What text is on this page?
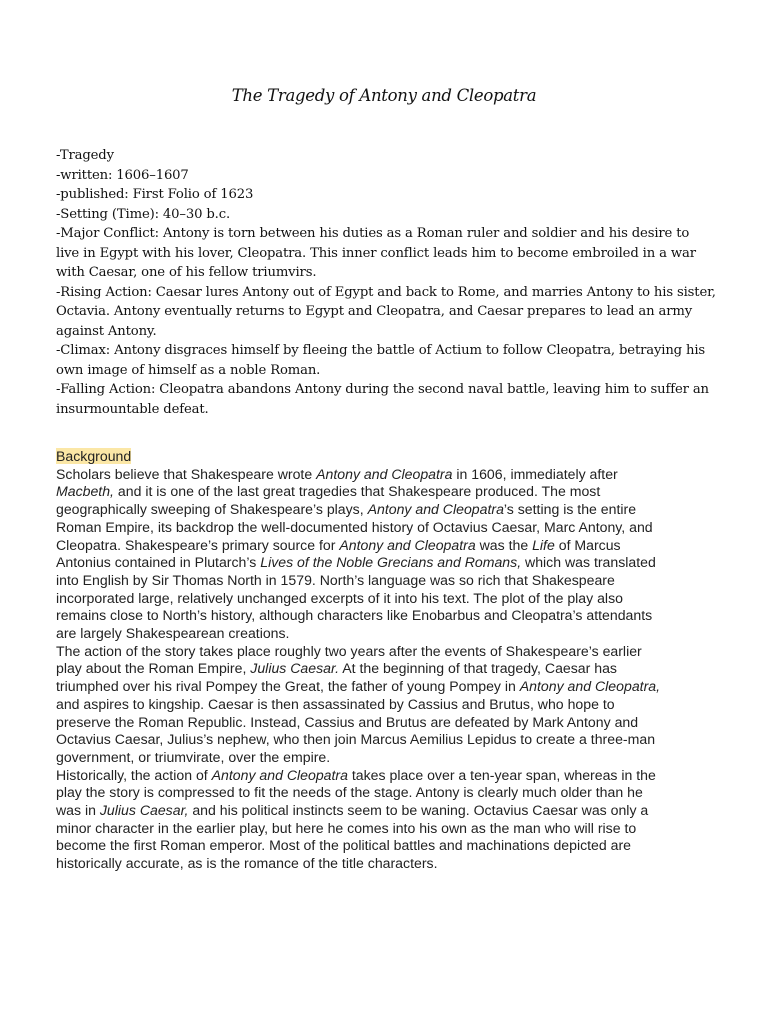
The Tragedy of Antony and Cleopatra

-Tragedy

-written: 1606–1607

-published: First Folio of 1623

-Setting (Time): 40–30 b.c.

-Major Conflict: Antony is torn between his duties as a Roman ruler and soldier and his desire to live in Egypt with his lover, Cleopatra. This inner conflict leads him to become embroiled in a war with Caesar, one of his fellow triumvirs.

-Rising Action: Caesar lures Antony out of Egypt and back to Rome, and marries Antony to his sister, Octavia. Antony eventually returns to Egypt and Cleopatra, and Caesar prepares to lead an army against Antony.

-Climax: Antony disgraces himself by fleeing the battle of Actium to follow Cleopatra, betraying his own image of himself as a noble Roman.

-Falling Action: Cleopatra abandons Antony during the second naval battle, leaving him to suffer an insurmountable defeat.

Background

Scholars believe that Shakespeare wrote Antony and Cleopatra in 1606, immediately after Macbeth, and it is one of the last great tragedies that Shakespeare produced. The most geographically sweeping of Shakespeare’s plays, Antony and Cleopatra’s setting is the entire Roman Empire, its backdrop the well-documented history of Octavius Caesar, Marc Antony, and Cleopatra. Shakespeare’s primary source for Antony and Cleopatra was the Life of Marcus Antonius contained in Plutarch’s Lives of the Noble Grecians and Romans, which was translated into English by Sir Thomas North in 1579. North’s language was so rich that Shakespeare incorporated large, relatively unchanged excerpts of it into his text. The plot of the play also remains close to North’s history, although characters like Enobarbus and Cleopatra’s attendants are largely Shakespearean creations.

The action of the story takes place roughly two years after the events of Shakespeare’s earlier play about the Roman Empire, Julius Caesar. At the beginning of that tragedy, Caesar has triumphed over his rival Pompey the Great, the father of young Pompey in Antony and Cleopatra, and aspires to kingship. Caesar is then assassinated by Cassius and Brutus, who hope to preserve the Roman Republic. Instead, Cassius and Brutus are defeated by Mark Antony and Octavius Caesar, Julius’s nephew, who then join Marcus Aemilius Lepidus to create a three-man government, or triumvirate, over the empire.

Historically, the action of Antony and Cleopatra takes place over a ten-year span, whereas in the play the story is compressed to fit the needs of the stage. Antony is clearly much older than he was in Julius Caesar, and his political instincts seem to be waning. Octavius Caesar was only a minor character in the earlier play, but here he comes into his own as the man who will rise to become the first Roman emperor. Most of the political battles and machinations depicted are historically accurate, as is the romance of the title characters.
